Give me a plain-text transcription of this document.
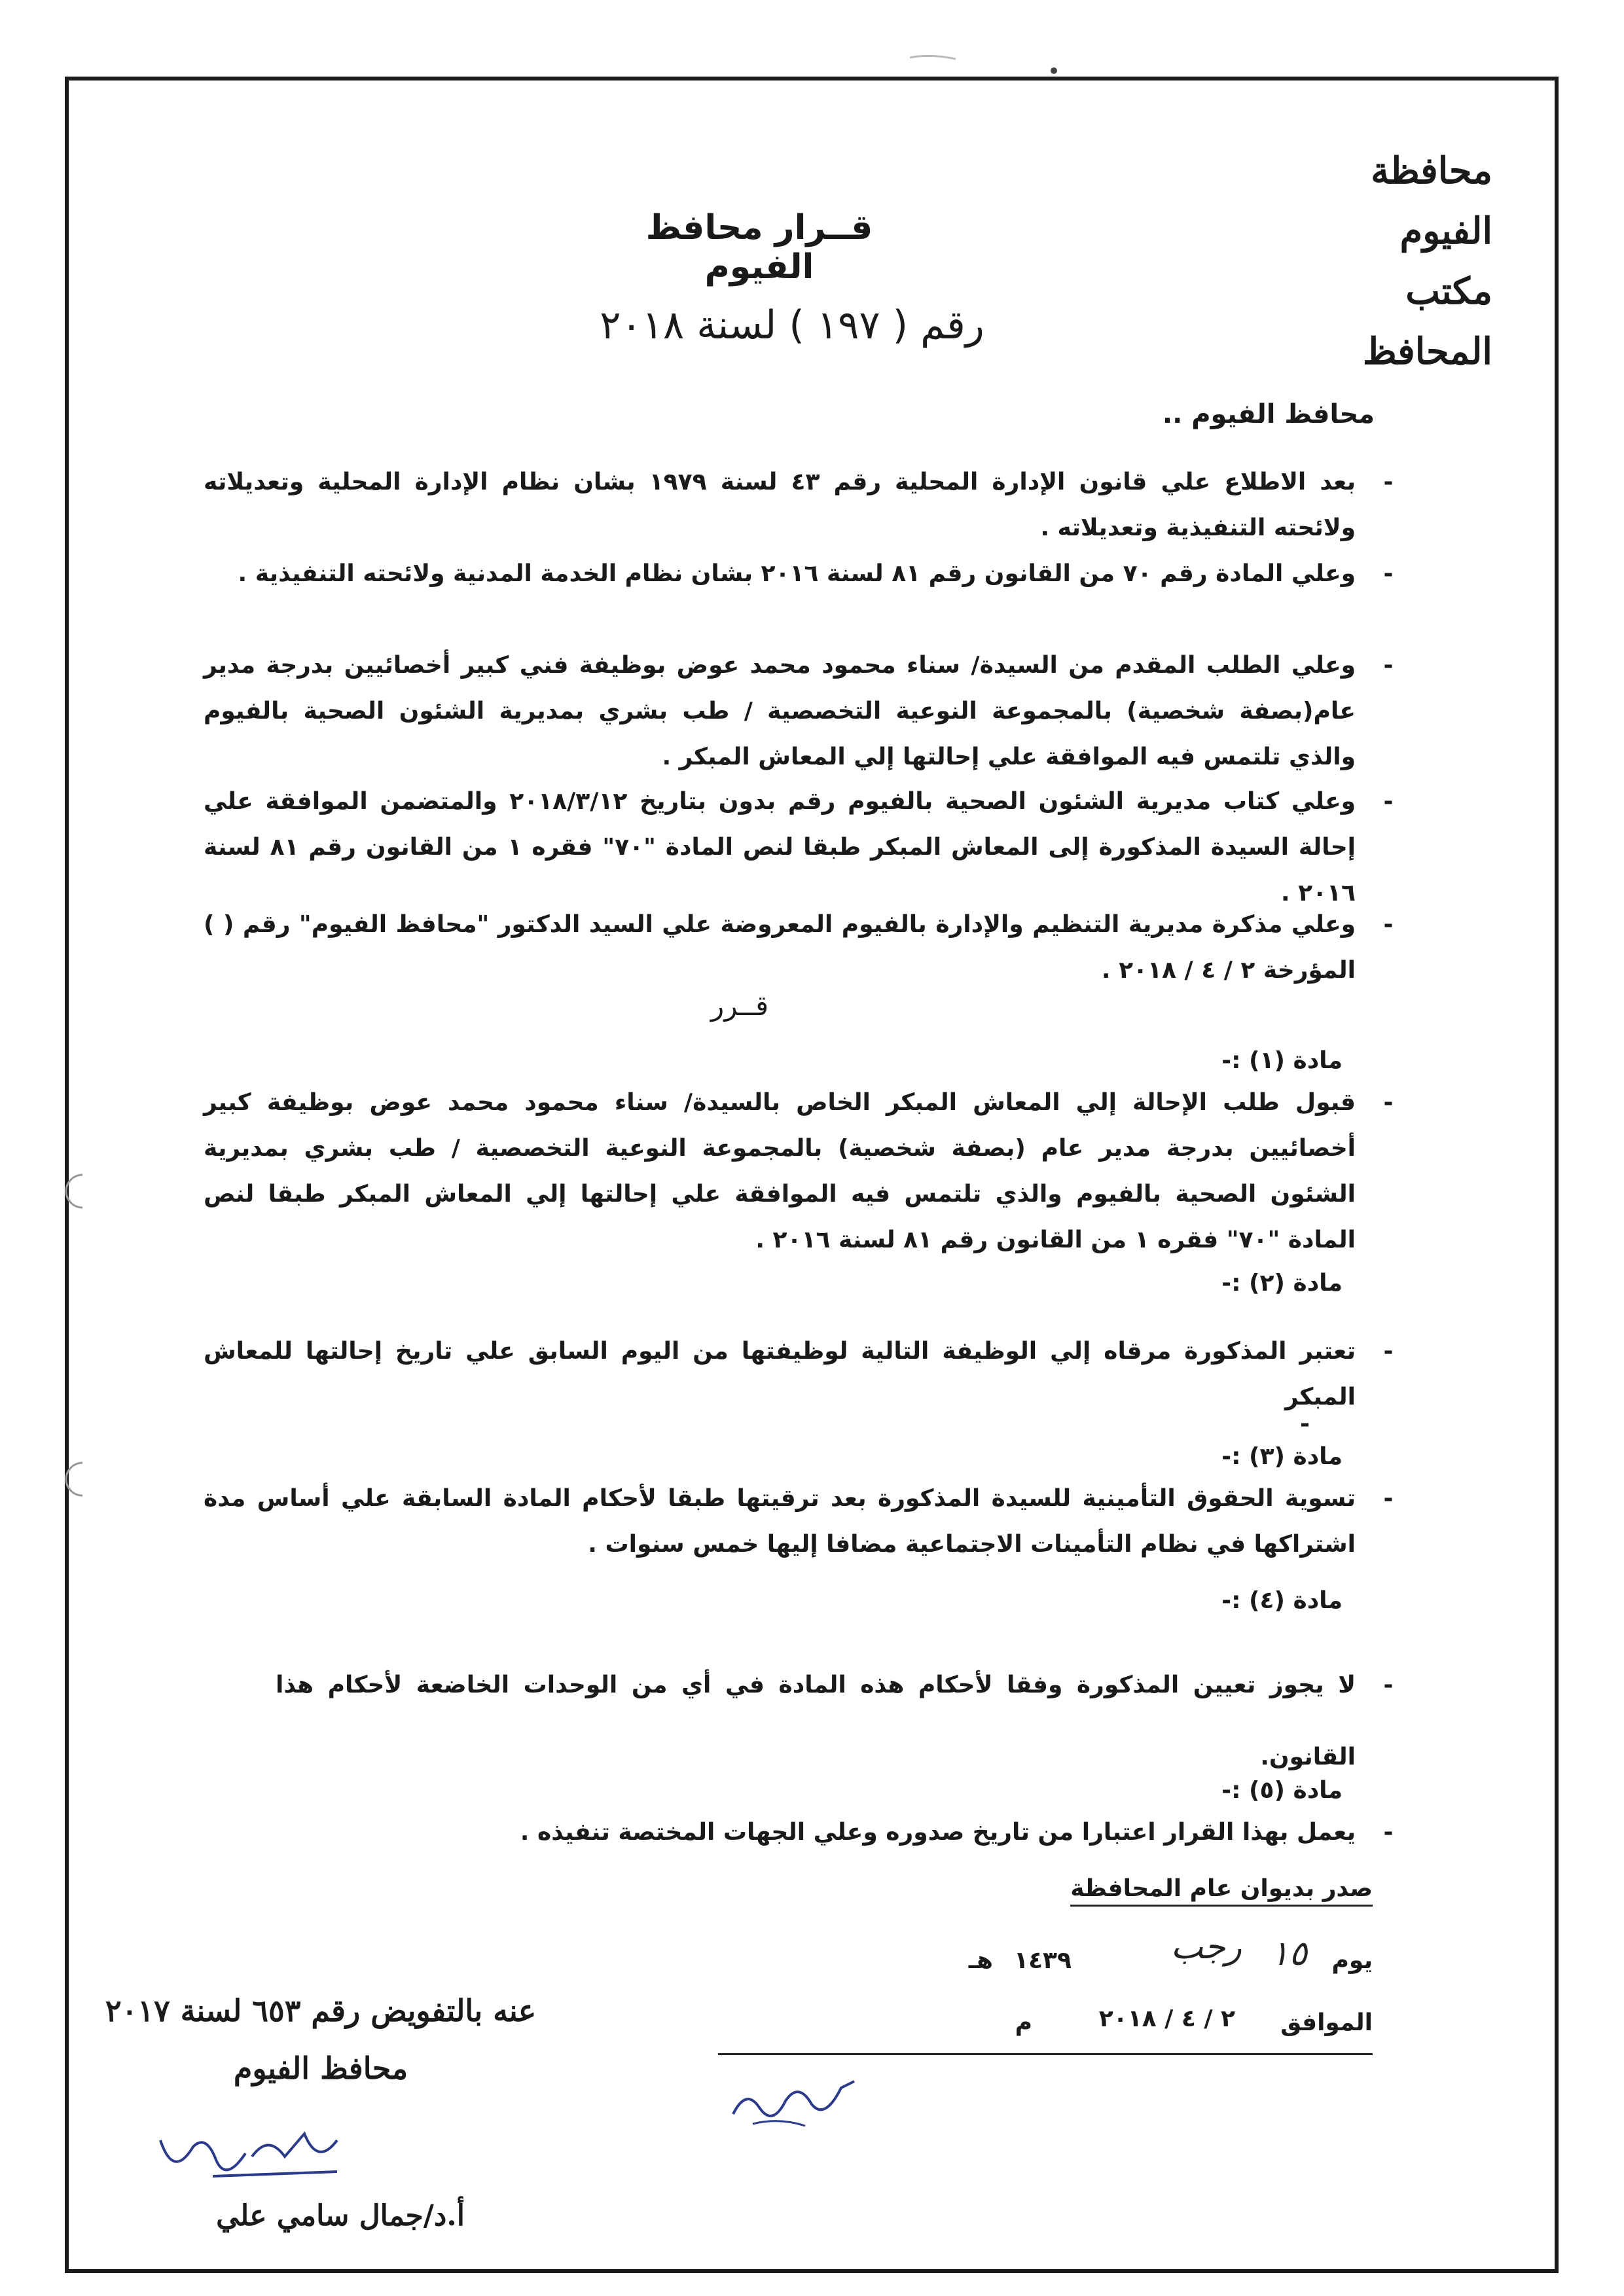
محافظة الفيوم
مكتب المحافظ
قــرار محافظ الفيوم
رقم ( ١٩٧ ) لسنة ٢٠١٨
محافظ الفيوم ..
-
بعد الاطلاع علي قانون الإدارة المحلية رقم ٤٣ لسنة ١٩٧٩ بشان نظام الإدارة المحلية وتعديلاته ولائحته التنفيذية وتعديلاته .
-
وعلي المادة رقم ٧٠ من القانون رقم ٨١ لسنة ٢٠١٦ بشان نظام الخدمة المدنية ولائحته التنفيذية .
-
وعلي الطلب المقدم من السيدة/ سناء محمود محمد عوض بوظيفة فني كبير أخصائيين بدرجة مدير عام(بصفة شخصية) بالمجموعة النوعية التخصصية / طب بشري بمديرية الشئون الصحية بالفيوم والذي تلتمس فيه الموافقة علي إحالتها إلي المعاش المبكر .
-
وعلي كتاب مديرية الشئون الصحية بالفيوم رقم بدون بتاريخ ٢٠١٨/٣/١٢ والمتضمن الموافقة علي إحالة السيدة المذكورة إلى المعاش المبكر طبقا لنص المادة "٧٠" فقره ١ من القانون رقم ٨١ لسنة ٢٠١٦ .
-
وعلي مذكرة مديرية التنظيم والإدارة بالفيوم المعروضة علي السيد الدكتور "محافظ الفيوم" رقم ( ) المؤرخة ٢ / ٤ / ٢٠١٨ .
قــرر
مادة (١) :-
-
قبول طلب الإحالة إلي المعاش المبكر الخاص بالسيدة/ سناء محمود محمد عوض بوظيفة كبير أخصائيين بدرجة مدير عام (بصفة شخصية) بالمجموعة النوعية التخصصية / طب بشري بمديرية الشئون الصحية بالفيوم والذي تلتمس فيه الموافقة علي إحالتها إلي المعاش المبكر طبقا لنص المادة "٧٠" فقره ١ من القانون رقم ٨١ لسنة ٢٠١٦ .
مادة (٢) :-
-
تعتبر المذكورة مرقاه إلي الوظيفة التالية لوظيفتها من اليوم السابق علي تاريخ إحالتها للمعاش المبكر
-
مادة (٣) :-
-
تسوية الحقوق التأمينية للسيدة المذكورة بعد ترقيتها طبقا لأحكام المادة السابقة علي أساس مدة اشتراكها في نظام التأمينات الاجتماعية مضافا إليها خمس سنوات .
مادة (٤) :-
-
لا يجوز تعيين المذكورة وفقا لأحكام هذه المادة في أي من الوحدات الخاضعة لأحكام هذا القانون.
مادة (٥) :-
-
يعمل بهذا القرار اعتبارا من تاريخ صدوره وعلي الجهات المختصة تنفيذه .
صدر بديوان عام المحافظة
يوم
١٥
رجب
١٤٣٩
هـ
الموافق
٢ / ٤ / ٢٠١٨
م
عنه بالتفويض رقم ٦٥٣ لسنة ٢٠١٧
محافظ الفيوم
أ.د/جمال سامي علي
